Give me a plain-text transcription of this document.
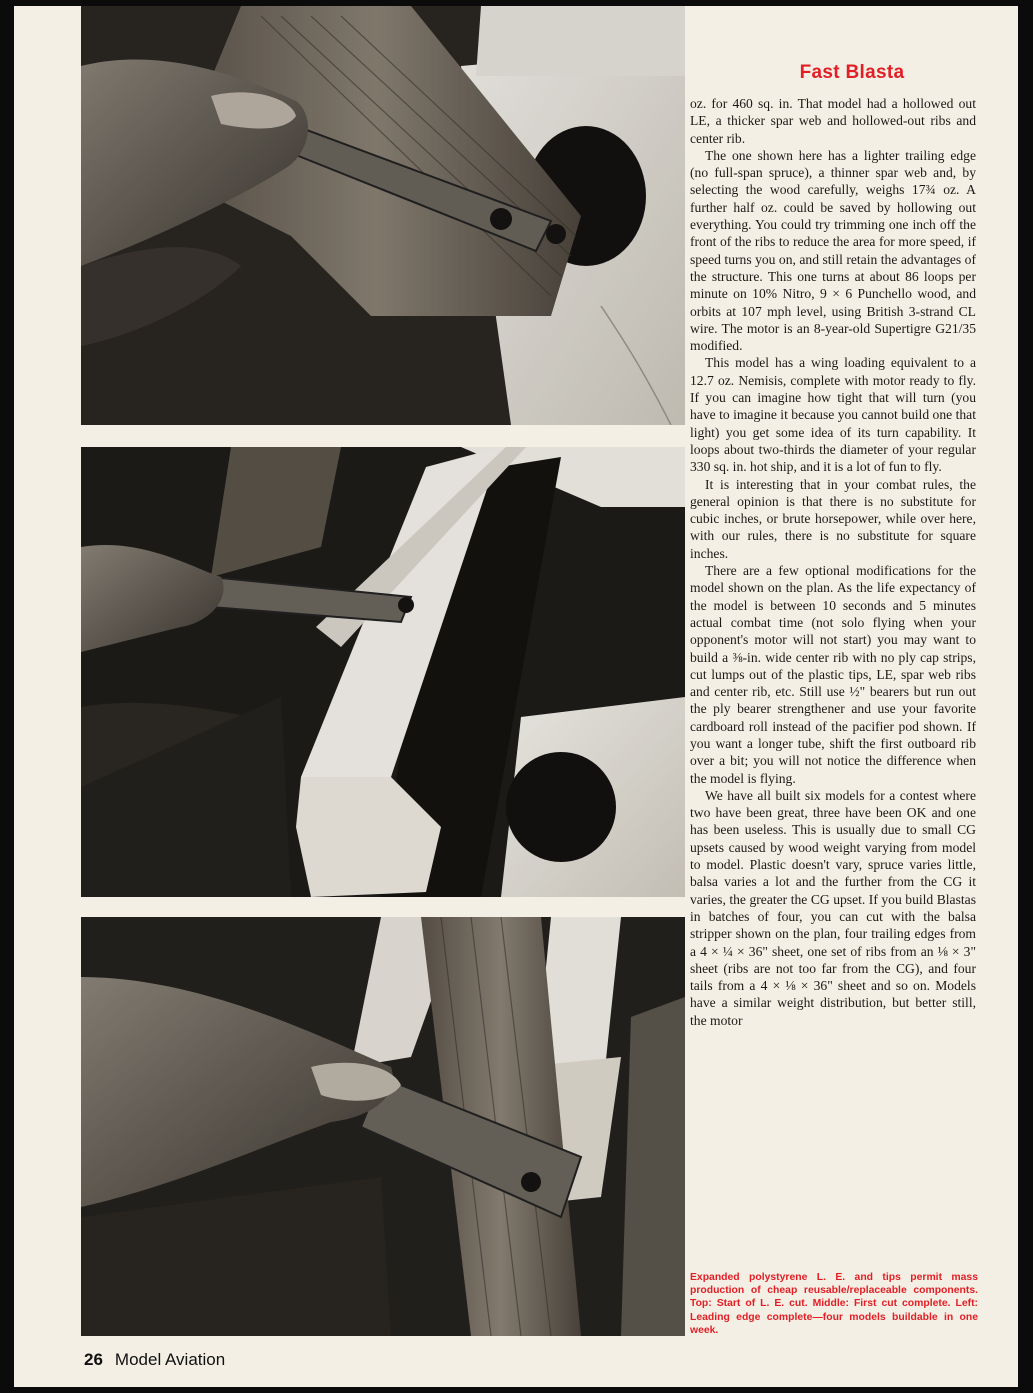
Fast Blasta

oz. for 460 sq. in. That model had a hollowed out LE, a thicker spar web and hollowed-out ribs and center rib.

The one shown here has a lighter trailing edge (no full-span spruce), a thinner spar web and, by selecting the wood carefully, weighs 17¾ oz. A further half oz. could be saved by hollowing out everything. You could try trimming one inch off the front of the ribs to reduce the area for more speed, if speed turns you on, and still retain the advantages of the structure. This one turns at about 86 loops per minute on 10% Nitro, 9 × 6 Punchello wood, and orbits at 107 mph level, using British 3-strand CL wire. The motor is an 8-year-old Supertigre G21/35 modified.

This model has a wing loading equivalent to a 12.7 oz. Nemisis, complete with motor ready to fly. If you can imagine how tight that will turn (you have to imagine it because you cannot build one that light) you get some idea of its turn capability. It loops about two-thirds the diameter of your regular 330 sq. in. hot ship, and it is a lot of fun to fly.

It is interesting that in your combat rules, the general opinion is that there is no substitute for cubic inches, or brute horsepower, while over here, with our rules, there is no substitute for square inches.

There are a few optional modifications for the model shown on the plan. As the life expectancy of the model is between 10 seconds and 5 minutes actual combat time (not solo flying when your opponent's motor will not start) you may want to build a ⅜-in. wide center rib with no ply cap strips, cut lumps out of the plastic tips, LE, spar web ribs and center rib, etc. Still use ½" bearers but run out the ply bearer strengthener and use your favorite cardboard roll instead of the pacifier pod shown. If you want a longer tube, shift the first outboard rib over a bit; you will not notice the difference when the model is flying.

We have all built six models for a contest where two have been great, three have been OK and one has been useless. This is usually due to small CG upsets caused by wood weight varying from model to model. Plastic doesn't vary, spruce varies little, balsa varies a lot and the further from the CG it varies, the greater the CG upset. If you build Blastas in batches of four, you can cut with the balsa stripper shown on the plan, four trailing edges from a 4 × ¼ × 36" sheet, one set of ribs from an ⅛ × 3" sheet (ribs are not too far from the CG), and four tails from a 4 × ⅛ × 36" sheet and so on. Models have a similar weight distribution, but better still, the motor

Expanded polystyrene L. E. and tips permit mass production of cheap reusable/replaceable components. Top: Start of L. E. cut. Middle: First cut complete. Left: Leading edge complete—four models buildable in one week.
26 Model Aviation
